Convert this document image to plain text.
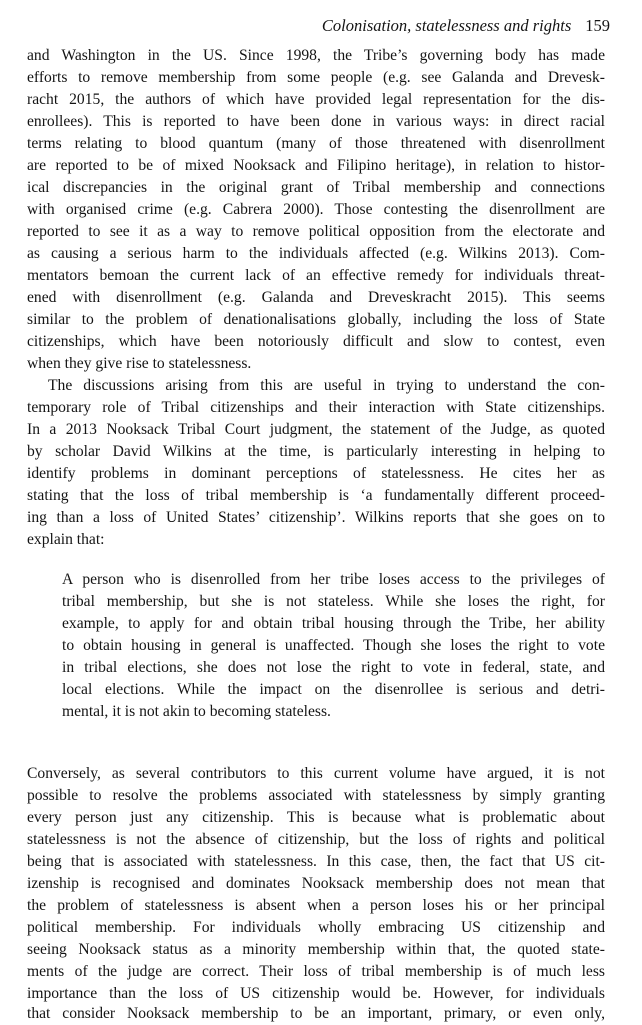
Colonisation, statelessness and rights 159
and Washington in the US. Since 1998, the Tribe’s governing body has made
efforts to remove membership from some people (e.g. see Galanda and Drevesk-
racht 2015, the authors of which have provided legal representation for the dis-
enrollees). This is reported to have been done in various ways: in direct racial
terms relating to blood quantum (many of those threatened with disenrollment
are reported to be of mixed Nooksack and Filipino heritage), in relation to histor-
ical discrepancies in the original grant of Tribal membership and connections
with organised crime (e.g. Cabrera 2000). Those contesting the disenrollment are
reported to see it as a way to remove political opposition from the electorate and
as causing a serious harm to the individuals affected (e.g. Wilkins 2013). Com-
mentators bemoan the current lack of an effective remedy for individuals threat-
ened with disenrollment (e.g. Galanda and Dreveskracht 2015). This seems
similar to the problem of denationalisations globally, including the loss of State
citizenships, which have been notoriously difficult and slow to contest, even
when they give rise to statelessness.
The discussions arising from this are useful in trying to understand the con-
temporary role of Tribal citizenships and their interaction with State citizenships.
In a 2013 Nooksack Tribal Court judgment, the statement of the Judge, as quoted
by scholar David Wilkins at the time, is particularly interesting in helping to
identify problems in dominant perceptions of statelessness. He cites her as
stating that the loss of tribal membership is ‘a fundamentally different proceed-
ing than a loss of United States’ citizenship’. Wilkins reports that she goes on to
explain that:
A person who is disenrolled from her tribe loses access to the privileges of
tribal membership, but she is not stateless. While she loses the right, for
example, to apply for and obtain tribal housing through the Tribe, her ability
to obtain housing in general is unaffected. Though she loses the right to vote
in tribal elections, she does not lose the right to vote in federal, state, and
local elections. While the impact on the disenrollee is serious and detri-
mental, it is not akin to becoming stateless.
Conversely, as several contributors to this current volume have argued, it is not
possible to resolve the problems associated with statelessness by simply granting
every person just any citizenship. This is because what is problematic about
statelessness is not the absence of citizenship, but the loss of rights and political
being that is associated with statelessness. In this case, then, the fact that US cit-
izenship is recognised and dominates Nooksack membership does not mean that
the problem of statelessness is absent when a person loses his or her principal
political membership. For individuals wholly embracing US citizenship and
seeing Nooksack status as a minority membership within that, the quoted state-
ments of the judge are correct. Their loss of tribal membership is of much less
importance than the loss of US citizenship would be. However, for individuals
that consider Nooksack membership to be an important, primary, or even only,
